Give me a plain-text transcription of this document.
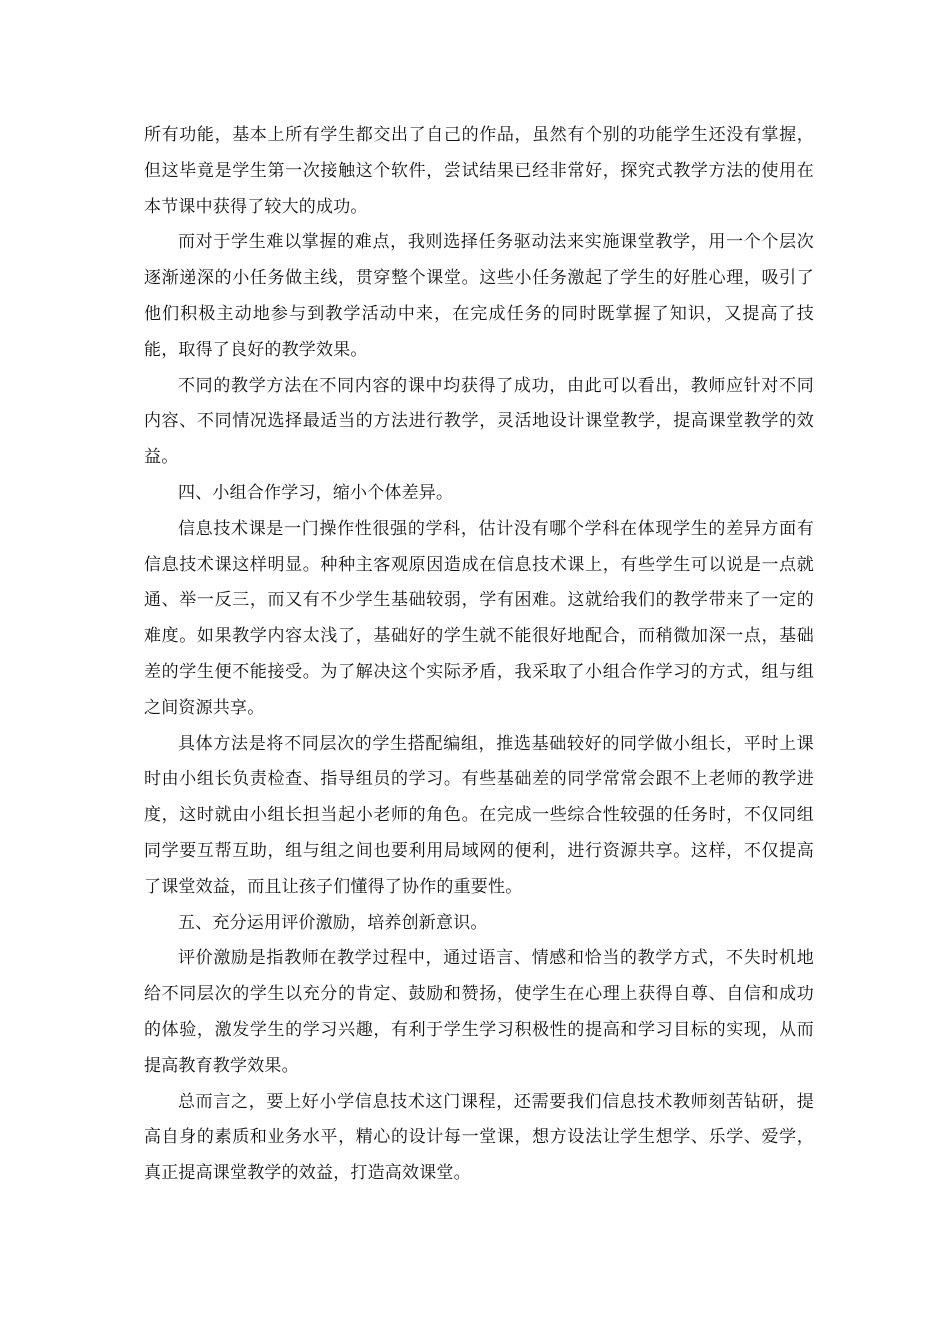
所有功能，基本上所有学生都交出了自己的作品，虽然有个别的功能学生还没有掌握，但这毕竟是学生第一次接触这个软件，尝试结果已经非常好，探究式教学方法的使用在本节课中获得了较大的成功。

而对于学生难以掌握的难点，我则选择任务驱动法来实施课堂教学，用一个个层次逐渐递深的小任务做主线，贯穿整个课堂。这些小任务激起了学生的好胜心理，吸引了他们积极主动地参与到教学活动中来，在完成任务的同时既掌握了知识，又提高了技能，取得了良好的教学效果。

不同的教学方法在不同内容的课中均获得了成功，由此可以看出，教师应针对不同内容、不同情况选择最适当的方法进行教学，灵活地设计课堂教学，提高课堂教学的效益。

四、小组合作学习，缩小个体差异。

信息技术课是一门操作性很强的学科，估计没有哪个学科在体现学生的差异方面有信息技术课这样明显。种种主客观原因造成在信息技术课上，有些学生可以说是一点就通、举一反三，而又有不少学生基础较弱，学有困难。这就给我们的教学带来了一定的难度。如果教学内容太浅了，基础好的学生就不能很好地配合，而稍微加深一点，基础差的学生便不能接受。为了解决这个实际矛盾，我采取了小组合作学习的方式，组与组之间资源共享。

具体方法是将不同层次的学生搭配编组，推选基础较好的同学做小组长，平时上课时由小组长负责检查、指导组员的学习。有些基础差的同学常常会跟不上老师的教学进度，这时就由小组长担当起小老师的角色。在完成一些综合性较强的任务时，不仅同组同学要互帮互助，组与组之间也要利用局域网的便利，进行资源共享。这样，不仅提高了课堂效益，而且让孩子们懂得了协作的重要性。

五、充分运用评价激励，培养创新意识。

评价激励是指教师在教学过程中，通过语言、情感和恰当的教学方式，不失时机地给不同层次的学生以充分的肯定、鼓励和赞扬，使学生在心理上获得自尊、自信和成功的体验，激发学生的学习兴趣，有利于学生学习积极性的提高和学习目标的实现，从而提高教育教学效果。

总而言之，要上好小学信息技术这门课程，还需要我们信息技术教师刻苦钻研，提高自身的素质和业务水平，精心的设计每一堂课，想方设法让学生想学、乐学、爱学，真正提高课堂教学的效益，打造高效课堂。
